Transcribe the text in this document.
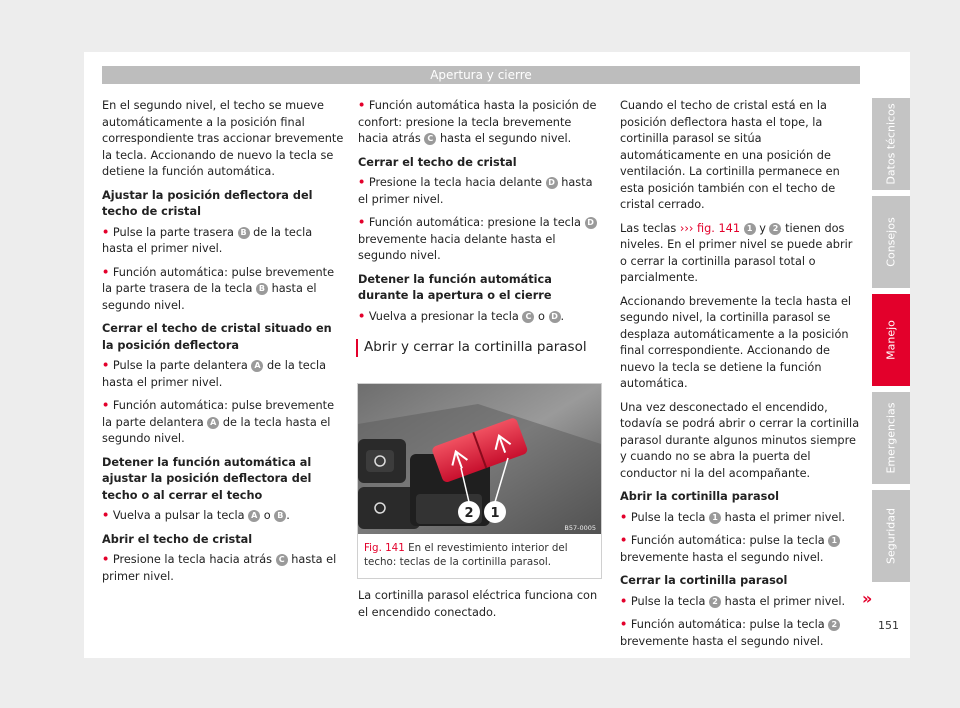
Apertura y cierre

En el segundo nivel, el techo se mueve automáticamente a la posición final correspondiente tras accionar brevemente la tecla. Accionando de nuevo la tecla se detiene la función automática.

Ajustar la posición deflectora del techo de cristal

• Pulse la parte trasera B de la tecla hasta el primer nivel.

• Función automática: pulse brevemente la parte trasera de la tecla B hasta el segundo nivel.

Cerrar el techo de cristal situado en la posición deflectora

• Pulse la parte delantera A de la tecla hasta el primer nivel.

• Función automática: pulse brevemente la parte delantera A de la tecla hasta el segundo nivel.

Detener la función automática al ajustar la posición deflectora del techo o al cerrar el techo

• Vuelva a pulsar la tecla A o B .

Abrir el techo de cristal

• Presione la tecla hacia atrás C hasta el primer nivel.

• Función automática hasta la posición de confort: presione la tecla brevemente hacia atrás C hasta el segundo nivel.

Cerrar el techo de cristal

• Presione la tecla hacia delante D hasta el primer nivel.

• Función automática: presione la tecla D brevemente hacia delante hasta el segundo nivel.

Detener la función automática durante la apertura o el cierre

• Vuelva a presionar la tecla C o D .

Abrir y cerrar la cortinilla parasol
2 1
B57-0005
Fig. 141 En el revestimiento interior del techo: teclas de la cortinilla parasol.

La cortinilla parasol eléctrica funciona con el encendido conectado.

Cuando el techo de cristal está en la posición deflectora hasta el tope, la cortinilla parasol se sitúa automáticamente en una posición de ventilación. La cortinilla permanece en esta posición también con el techo de cristal cerrado.

Las teclas ››› fig. 141 1 y 2 tienen dos niveles. En el primer nivel se puede abrir o cerrar la cortinilla parasol total o parcialmente.

Accionando brevemente la tecla hasta el segundo nivel, la cortinilla parasol se desplaza automáticamente a la posición final correspondiente. Accionando de nuevo la tecla se detiene la función automática.

Una vez desconectado el encendido, todavía se podrá abrir o cerrar la cortinilla parasol durante algunos minutos siempre y cuando no se abra la puerta del conductor ni la del acompañante.

Abrir la cortinilla parasol

• Pulse la tecla 1 hasta el primer nivel.

• Función automática: pulse la tecla 1 brevemente hasta el segundo nivel.

Cerrar la cortinilla parasol

• Pulse la tecla 2 hasta el primer nivel.

• Función automática: pulse la tecla 2 brevemente hasta el segundo nivel.

»
Datos técnicos
Consejos
Manejo
Emergencias
Seguridad
151
